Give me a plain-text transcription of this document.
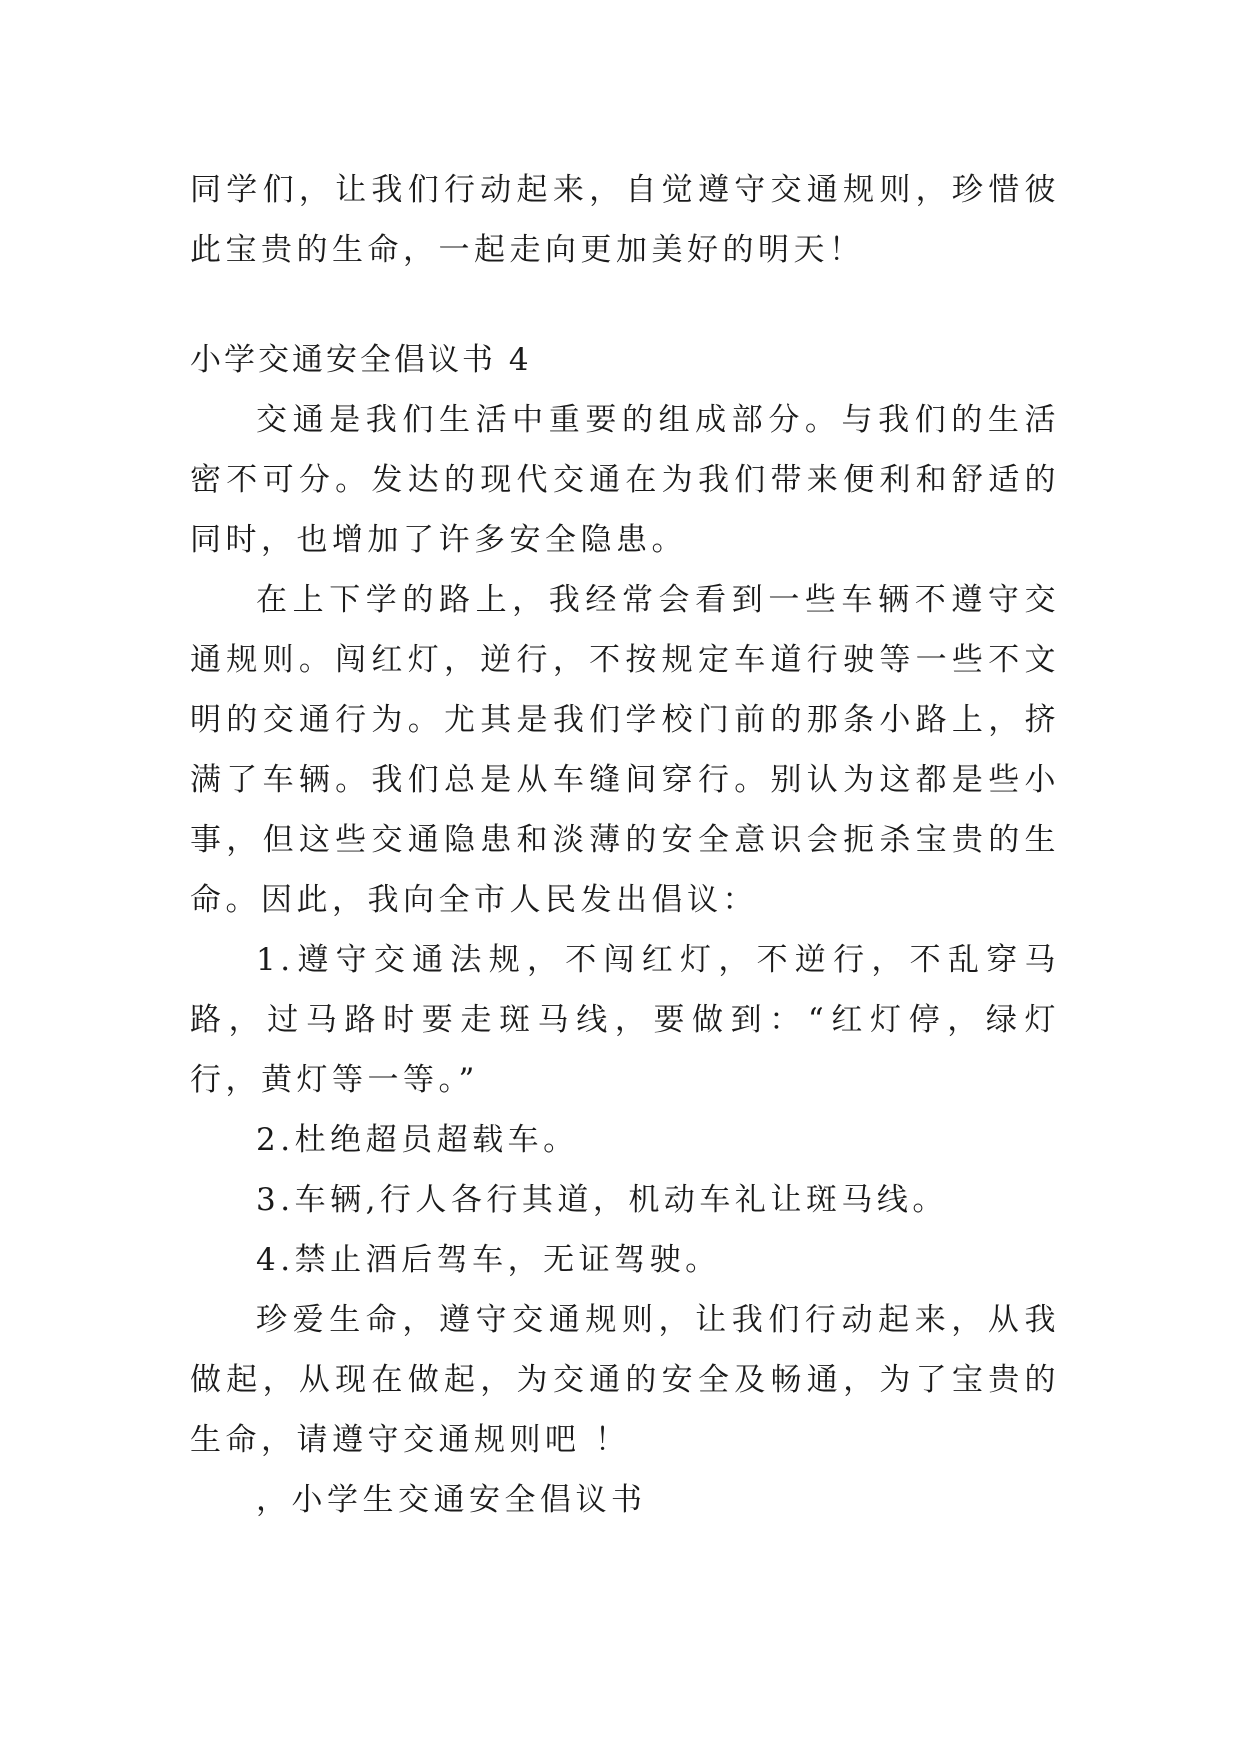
同学们，让我们行动起来，自觉遵守交通规则，珍惜彼此宝贵的生命，一起走向更加美好的明天！

小学交通安全倡议书 4

交通是我们生活中重要的组成部分。与我们的生活密不可分。发达的现代交通在为我们带来便利和舒适的同时，也增加了许多安全隐患。

在上下学的路上，我经常会看到一些车辆不遵守交通规则。闯红灯，逆行，不按规定车道行驶等一些不文明的交通行为。尤其是我们学校门前的那条小路上，挤满了车辆。我们总是从车缝间穿行。别认为这都是些小事，但这些交通隐患和淡薄的安全意识会扼杀宝贵的生命。因此，我向全市人民发出倡议：

1.遵守交通法规，不闯红灯，不逆行，不乱穿马路，过马路时要走斑马线，要做到：“红灯停，绿灯行，黄灯等一等。”

2.杜绝超员超载车。

3.车辆,行人各行其道，机动车礼让斑马线。

4.禁止酒后驾车，无证驾驶。

珍爱生命，遵守交通规则，让我们行动起来，从我做起，从现在做起，为交通的安全及畅通，为了宝贵的生命，请遵守交通规则吧 ！

，小学生交通安全倡议书
